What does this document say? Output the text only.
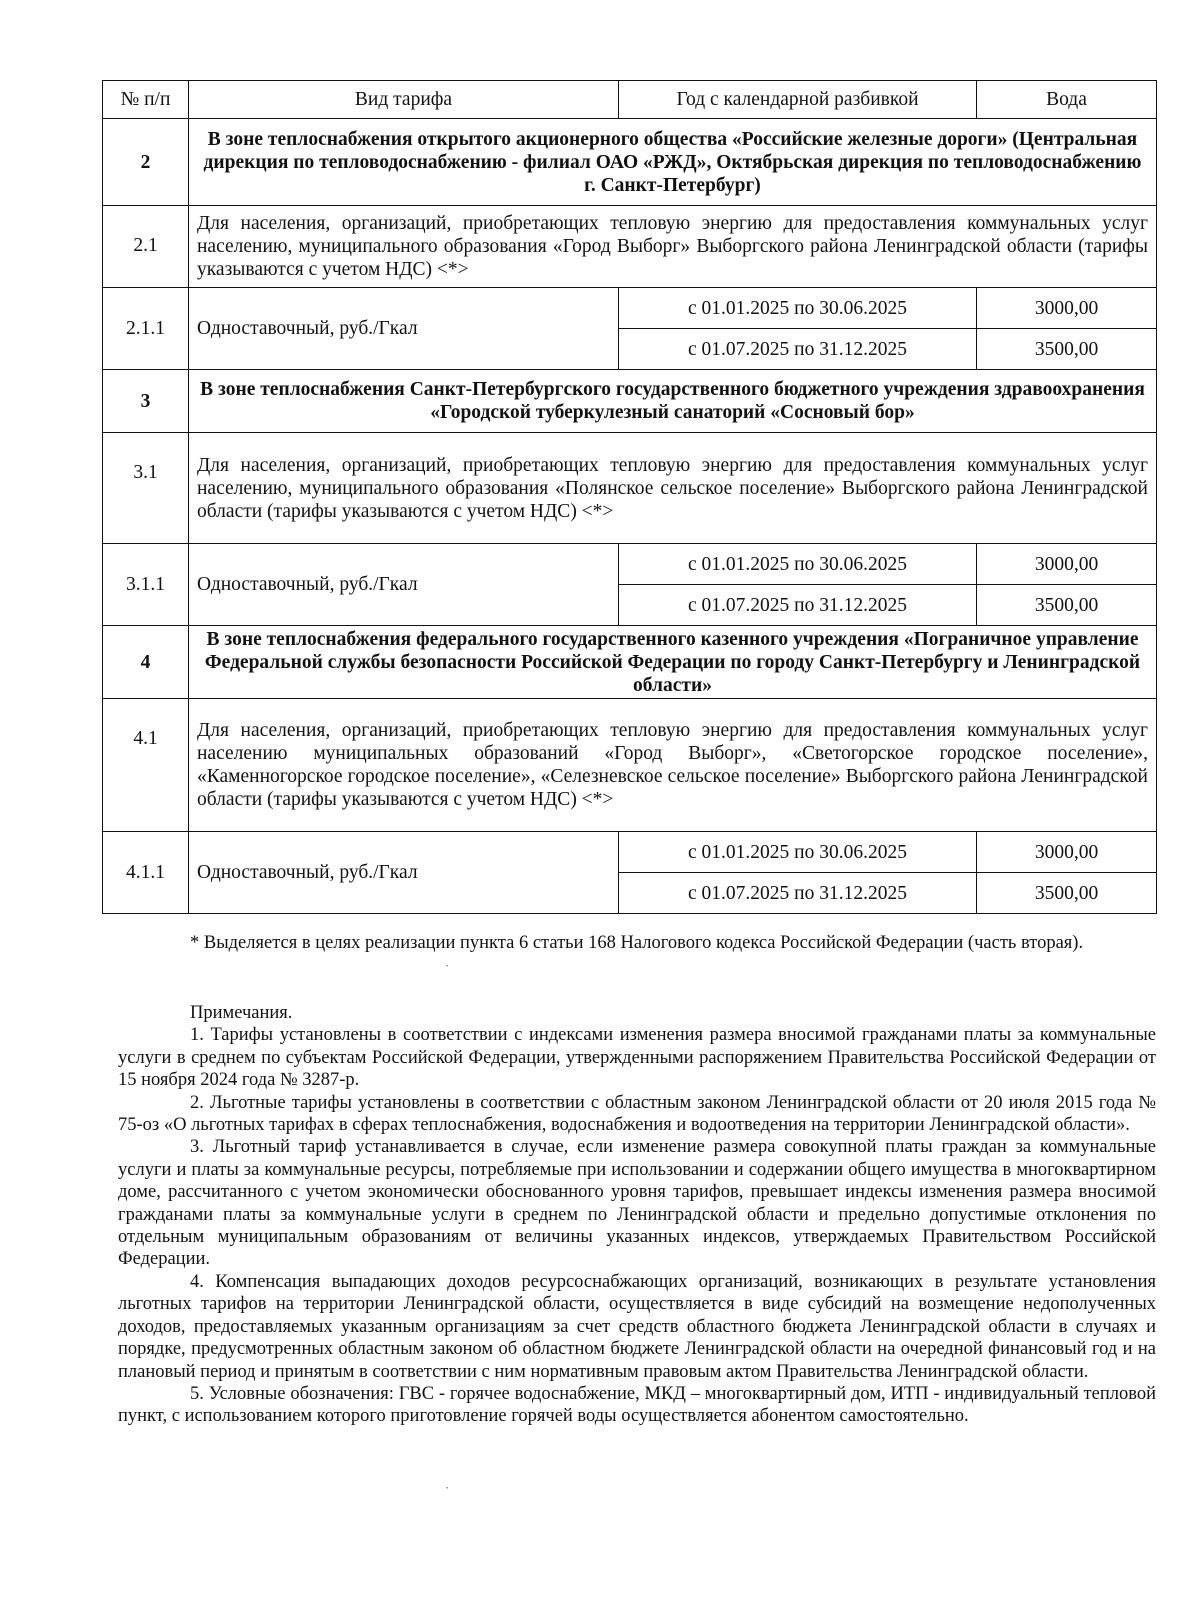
№ п/п	Вид тарифа	Год с календарной разбивкой	Вода
2	В зоне теплоснабжения открытого акционерного общества «Российские железные дороги» (Центральная дирекция по тепловодоснабжению - филиал ОАО «РЖД», Октябрьская дирекция по тепловодоснабжению г. Санкт-Петербург)		
2.1	Для населения, организаций, приобретающих тепловую энергию для предоставления коммунальных услуг населению, муниципального образования «Город Выборг» Выборгского района Ленинградской области (тарифы указываются с учетом НДС) <*>		
2.1.1	Одноставочный, руб./Гкал	с 01.01.2025 по 30.06.2025	3000,00
		с 01.07.2025 по 31.12.2025	3500,00
3	В зоне теплоснабжения Санкт-Петербургского государственного бюджетного учреждения здравоохранения «Городской туберкулезный санаторий «Сосновый бор»		
3.1	Для населения, организаций, приобретающих тепловую энергию для предоставления коммунальных услуг населению, муниципального образования «Полянское сельское поселение» Выборгского района Ленинградской области (тарифы указываются с учетом НДС) <*>		
3.1.1	Одноставочный, руб./Гкал	с 01.01.2025 по 30.06.2025	3000,00
		с 01.07.2025 по 31.12.2025	3500,00
4	В зоне теплоснабжения федерального государственного казенного учреждения «Пограничное управление Федеральной службы безопасности Российской Федерации по городу Санкт-Петербургу и Ленинградской области»		
4.1	Для населения, организаций, приобретающих тепловую энергию для предоставления коммунальных услуг населению муниципальных образований «Город Выборг», «Светогорское городское поселение», «Каменногорское городское поселение», «Селезневское сельское поселение» Выборгского района Ленинградской области (тарифы указываются с учетом НДС) <*>		
4.1.1	Одноставочный, руб./Гкал	с 01.01.2025 по 30.06.2025	3000,00
		с 01.07.2025 по 31.12.2025	3500,00

* Выделяется в целях реализации пункта 6 статьи 168 Налогового кодекса Российской Федерации (часть вторая).

Примечания.

1. Тарифы установлены в соответствии с индексами изменения размера вносимой гражданами платы за коммунальные услуги в среднем по субъектам Российской Федерации, утвержденными распоряжением Правительства Российской Федерации от 15 ноября 2024 года № 3287-р.

2. Льготные тарифы установлены в соответствии с областным законом Ленинградской области от 20 июля 2015 года № 75-оз «О льготных тарифах в сферах теплоснабжения, водоснабжения и водоотведения на территории Ленинградской области».

3. Льготный тариф устанавливается в случае, если изменение размера совокупной платы граждан за коммунальные услуги и платы за коммунальные ресурсы, потребляемые при использовании и содержании общего имущества в многоквартирном доме, рассчитанного с учетом экономически обоснованного уровня тарифов, превышает индексы изменения размера вносимой гражданами платы за коммунальные услуги в среднем по Ленинградской области и предельно допустимые отклонения по отдельным муниципальным образованиям от величины указанных индексов, утверждаемых Правительством Российской Федерации.

4. Компенсация выпадающих доходов ресурсоснабжающих организаций, возникающих в результате установления льготных тарифов на территории Ленинградской области, осуществляется в виде субсидий на возмещение недополученных доходов, предоставляемых указанным организациям за счет средств областного бюджета Ленинградской области в случаях и порядке, предусмотренных областным законом об областном бюджете Ленинградской области на очередной финансовый год и на плановый период и принятым в соответствии с ним нормативным правовым актом Правительства Ленинградской области.

5. Условные обозначения: ГВС - горячее водоснабжение, МКД – многоквартирный дом, ИТП - индивидуальный тепловой пункт, с использованием которого приготовление горячей воды осуществляется абонентом самостоятельно.

·
·
